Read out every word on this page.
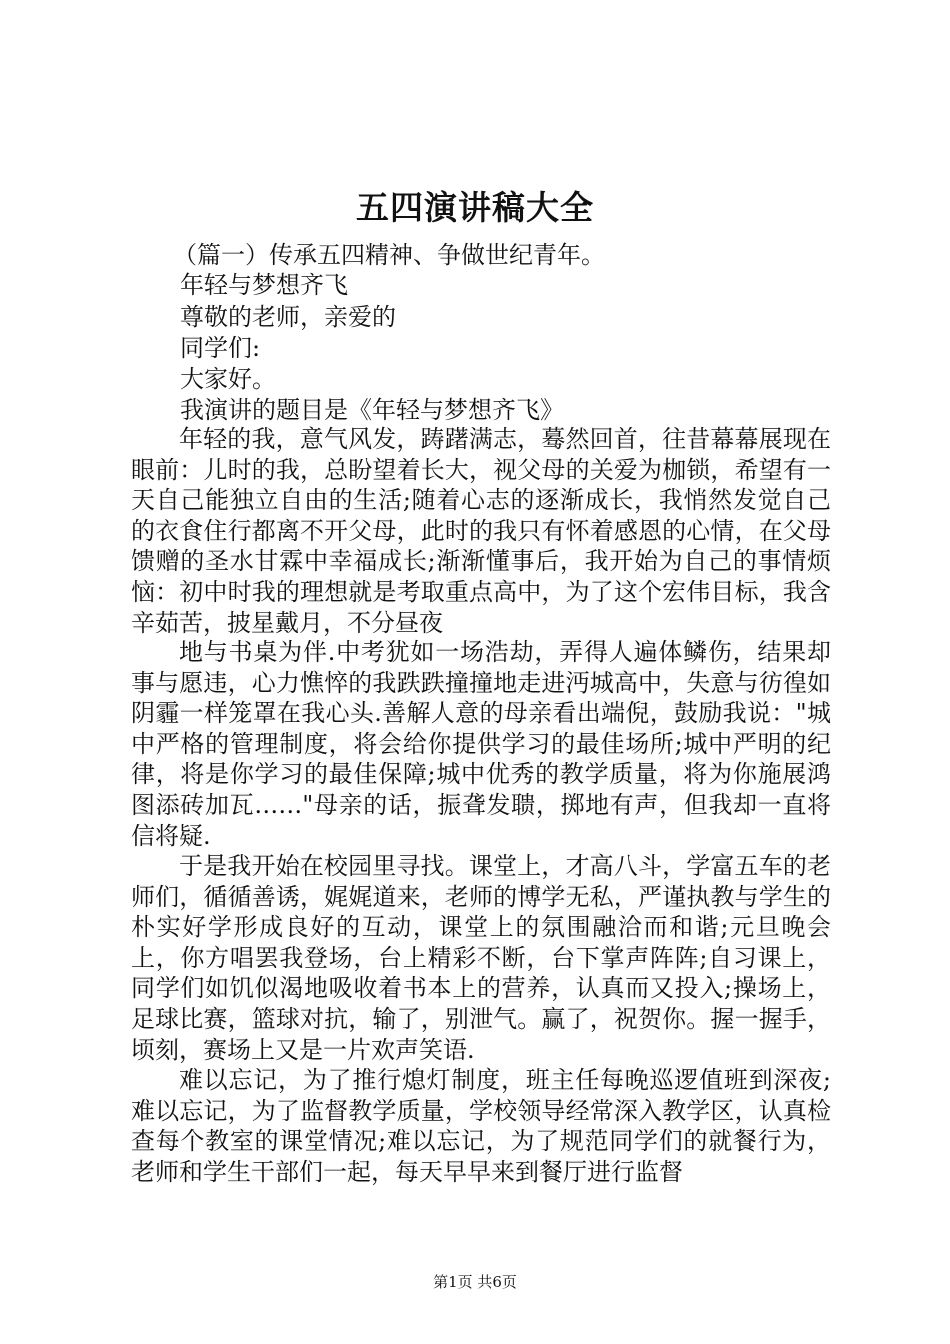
五四演讲稿大全

（篇一）传承五四精神、争做世纪青年。

年轻与梦想齐飞

尊敬的老师，亲爱的

同学们:

大家好。

我演讲的题目是《年轻与梦想齐飞》

年轻的我，意气风发，踌躇满志，蓦然回首，往昔幕幕展现在眼前：儿时的我，总盼望着长大，视父母的关爱为枷锁，希望有一天自己能独立自由的生活;随着心志的逐渐成长，我悄然发觉自己的衣食住行都离不开父母，此时的我只有怀着感恩的心情，在父母馈赠的圣水甘霖中幸福成长;渐渐懂事后，我开始为自己的事情烦恼：初中时我的理想就是考取重点高中，为了这个宏伟目标，我含辛茹苦，披星戴月，不分昼夜

地与书桌为伴.中考犹如一场浩劫，弄得人遍体鳞伤，结果却事与愿违，心力憔悴的我跌跌撞撞地走进沔城高中，失意与彷徨如阴霾一样笼罩在我心头.善解人意的母亲看出端倪，鼓励我说："城中严格的管理制度，将会给你提供学习的最佳场所;城中严明的纪律，将是你学习的最佳保障;城中优秀的教学质量，将为你施展鸿图添砖加瓦……"母亲的话，振聋发聩，掷地有声，但我却一直将信将疑.

于是我开始在校园里寻找。课堂上，才高八斗，学富五车的老师们，循循善诱，娓娓道来，老师的博学无私，严谨执教与学生的朴实好学形成良好的互动，课堂上的氛围融洽而和谐;元旦晚会上，你方唱罢我登场，台上精彩不断，台下掌声阵阵;自习课上，同学们如饥似渴地吸收着书本上的营养，认真而又投入;操场上，足球比赛，篮球对抗，输了，别泄气。赢了，祝贺你。握一握手，顷刻，赛场上又是一片欢声笑语.

难以忘记，为了推行熄灯制度，班主任每晚巡逻值班到深夜;难以忘记，为了监督教学质量，学校领导经常深入教学区，认真检查每个教室的课堂情况;难以忘记，为了规范同学们的就餐行为，老师和学生干部们一起，每天早早来到餐厅进行监督

第1页 共6页
